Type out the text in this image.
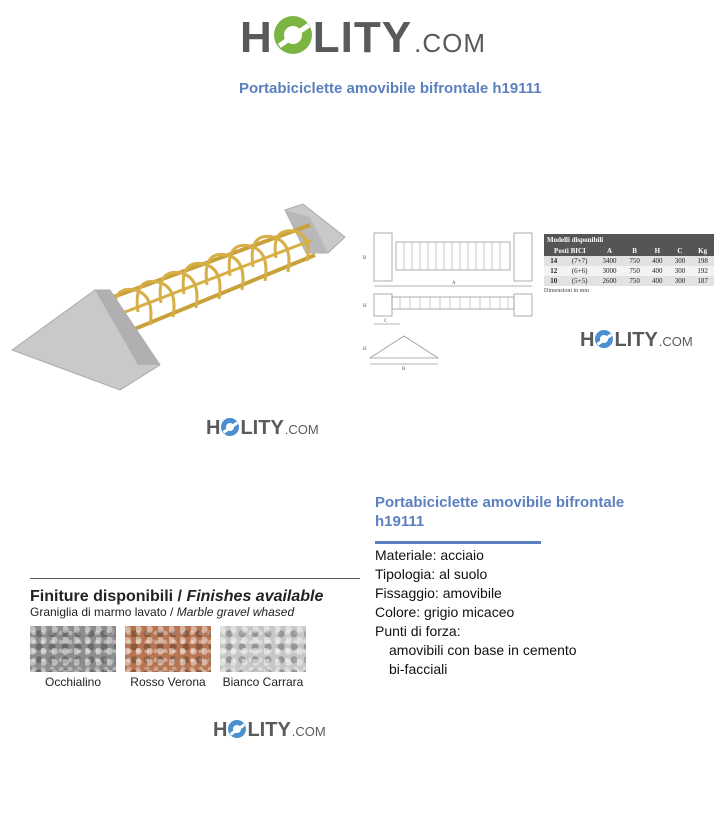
H LITY .COM
Portabiciclette amovibile bifrontale h19111
H LITY .COM
A
C
B
B
H
H
Modelli disponibili
Posti BICI		A	B	H	C	Kg
14	(7+7)	3400	750	400	300	198
12	(6+6)	3000	750	400	300	192
10	(5+5)	2600	750	400	300	187
Dimensioni in mm
H LITY .COM
Portabiciclette amovibile bifrontale h19111
Materiale: acciaio
Tipologia: al suolo
Fissaggio: amovibile
Colore: grigio micaceo
Punti di forza:
amovibili con base in cemento
bi-facciali
Finiture disponibili / Finishes available
Graniglia di marmo lavato / Marble gravel whased
Occhialino	Rosso Verona	Bianco Carrara
H LITY .COM
